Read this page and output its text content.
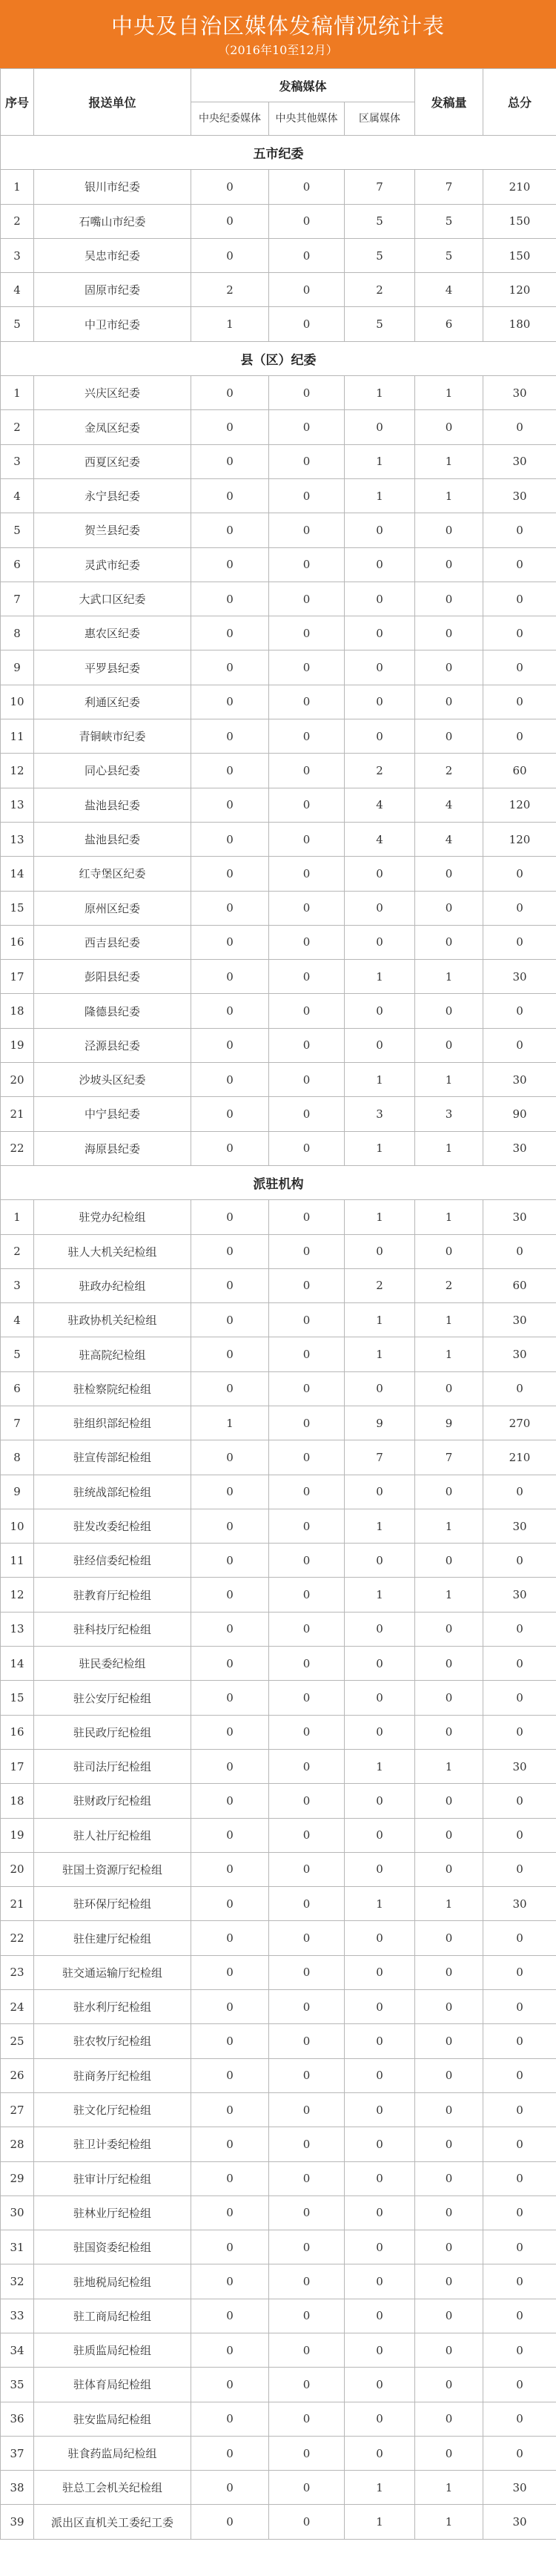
中央及自治区媒体发稿情况统计表
（2016年10至12月）
序号	报送单位	发稿媒体			发稿量	总分
		中央纪委媒体	中央其他媒体	区属媒体		
五市纪委						
1	银川市纪委	0	0	7	7	210
2	石嘴山市纪委	0	0	5	5	150
3	吴忠市纪委	0	0	5	5	150
4	固原市纪委	2	0	2	4	120
5	中卫市纪委	1	0	5	6	180
县（区）纪委						
1	兴庆区纪委	0	0	1	1	30
2	金凤区纪委	0	0	0	0	0
3	西夏区纪委	0	0	1	1	30
4	永宁县纪委	0	0	1	1	30
5	贺兰县纪委	0	0	0	0	0
6	灵武市纪委	0	0	0	0	0
7	大武口区纪委	0	0	0	0	0
8	惠农区纪委	0	0	0	0	0
9	平罗县纪委	0	0	0	0	0
10	利通区纪委	0	0	0	0	0
11	青铜峡市纪委	0	0	0	0	0
12	同心县纪委	0	0	2	2	60
13	盐池县纪委	0	0	4	4	120
13	盐池县纪委	0	0	4	4	120
14	红寺堡区纪委	0	0	0	0	0
15	原州区纪委	0	0	0	0	0
16	西吉县纪委	0	0	0	0	0
17	彭阳县纪委	0	0	1	1	30
18	隆德县纪委	0	0	0	0	0
19	泾源县纪委	0	0	0	0	0
20	沙坡头区纪委	0	0	1	1	30
21	中宁县纪委	0	0	3	3	90
22	海原县纪委	0	0	1	1	30
派驻机构						
1	驻党办纪检组	0	0	1	1	30
2	驻人大机关纪检组	0	0	0	0	0
3	驻政办纪检组	0	0	2	2	60
4	驻政协机关纪检组	0	0	1	1	30
5	驻高院纪检组	0	0	1	1	30
6	驻检察院纪检组	0	0	0	0	0
7	驻组织部纪检组	1	0	9	9	270
8	驻宣传部纪检组	0	0	7	7	210
9	驻统战部纪检组	0	0	0	0	0
10	驻发改委纪检组	0	0	1	1	30
11	驻经信委纪检组	0	0	0	0	0
12	驻教育厅纪检组	0	0	1	1	30
13	驻科技厅纪检组	0	0	0	0	0
14	驻民委纪检组	0	0	0	0	0
15	驻公安厅纪检组	0	0	0	0	0
16	驻民政厅纪检组	0	0	0	0	0
17	驻司法厅纪检组	0	0	1	1	30
18	驻财政厅纪检组	0	0	0	0	0
19	驻人社厅纪检组	0	0	0	0	0
20	驻国土资源厅纪检组	0	0	0	0	0
21	驻环保厅纪检组	0	0	1	1	30
22	驻住建厅纪检组	0	0	0	0	0
23	驻交通运输厅纪检组	0	0	0	0	0
24	驻水利厅纪检组	0	0	0	0	0
25	驻农牧厅纪检组	0	0	0	0	0
26	驻商务厅纪检组	0	0	0	0	0
27	驻文化厅纪检组	0	0	0	0	0
28	驻卫计委纪检组	0	0	0	0	0
29	驻审计厅纪检组	0	0	0	0	0
30	驻林业厅纪检组	0	0	0	0	0
31	驻国资委纪检组	0	0	0	0	0
32	驻地税局纪检组	0	0	0	0	0
33	驻工商局纪检组	0	0	0	0	0
34	驻质监局纪检组	0	0	0	0	0
35	驻体育局纪检组	0	0	0	0	0
36	驻安监局纪检组	0	0	0	0	0
37	驻食药监局纪检组	0	0	0	0	0
38	驻总工会机关纪检组	0	0	1	1	30
39	派出区直机关工委纪工委	0	0	1	1	30
